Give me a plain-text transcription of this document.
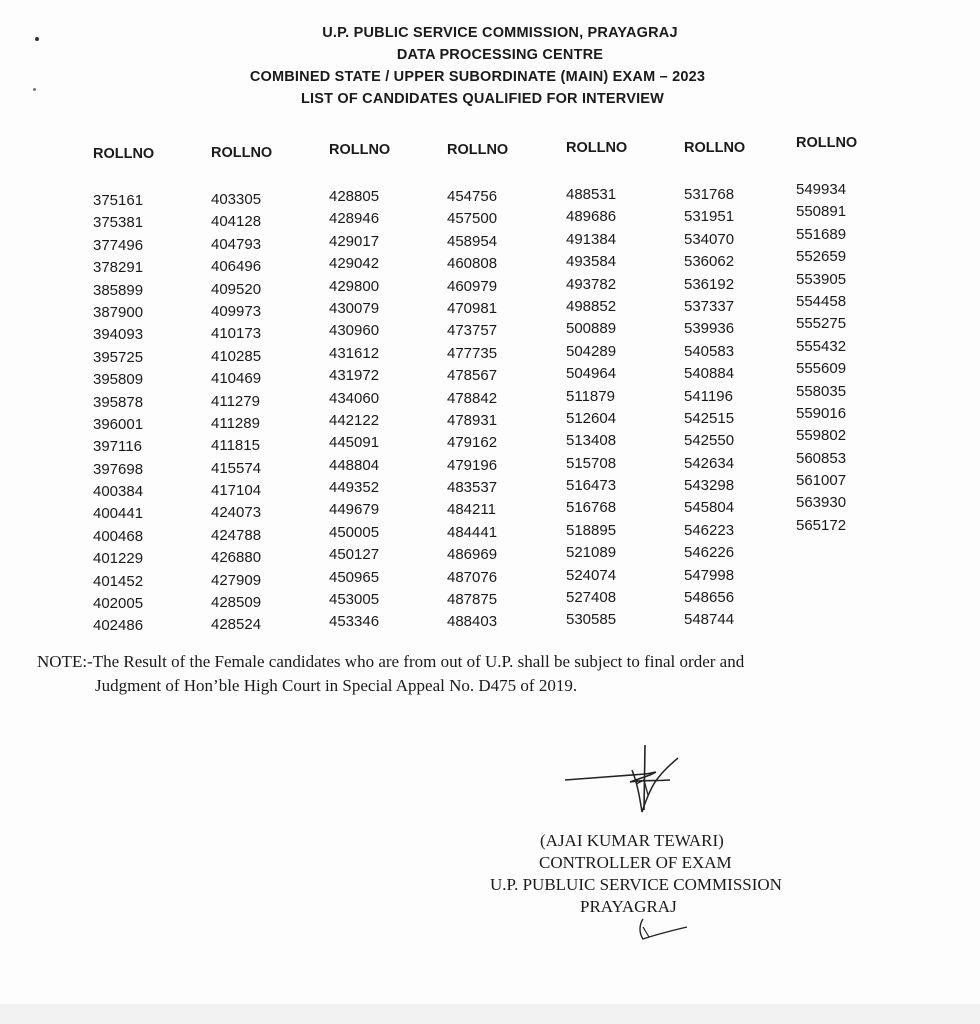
U.P. PUBLIC SERVICE COMMISSION, PRAYAGRAJ
DATA PROCESSING CENTRE
COMBINED STATE / UPPER SUBORDINATE (MAIN) EXAM – 2023
LIST OF CANDIDATES QUALIFIED FOR INTERVIEW
ROLLNO
375161
375381
377496
378291
385899
387900
394093
395725
395809
395878
396001
397116
397698
400384
400441
400468
401229
401452
402005
402486
ROLLNO
403305
404128
404793
406496
409520
409973
410173
410285
410469
411279
411289
411815
415574
417104
424073
424788
426880
427909
428509
428524
ROLLNO
428805
428946
429017
429042
429800
430079
430960
431612
431972
434060
442122
445091
448804
449352
449679
450005
450127
450965
453005
453346
ROLLNO
454756
457500
458954
460808
460979
470981
473757
477735
478567
478842
478931
479162
479196
483537
484211
484441
486969
487076
487875
488403
ROLLNO
488531
489686
491384
493584
493782
498852
500889
504289
504964
511879
512604
513408
515708
516473
516768
518895
521089
524074
527408
530585
ROLLNO
531768
531951
534070
536062
536192
537337
539936
540583
540884
541196
542515
542550
542634
543298
545804
546223
546226
547998
548656
548744
ROLLNO
549934
550891
551689
552659
553905
554458
555275
555432
555609
558035
559016
559802
560853
561007
563930
565172
NOTE:-The Result of the Female candidates who are from out of U.P. shall be subject to final order and
Judgment of Hon’ble High Court in Special Appeal No. D475 of 2019.
(AJAI KUMAR TEWARI)
CONTROLLER OF EXAM
U.P. PUBLUIC SERVICE COMMISSION
PRAYAGRAJ
